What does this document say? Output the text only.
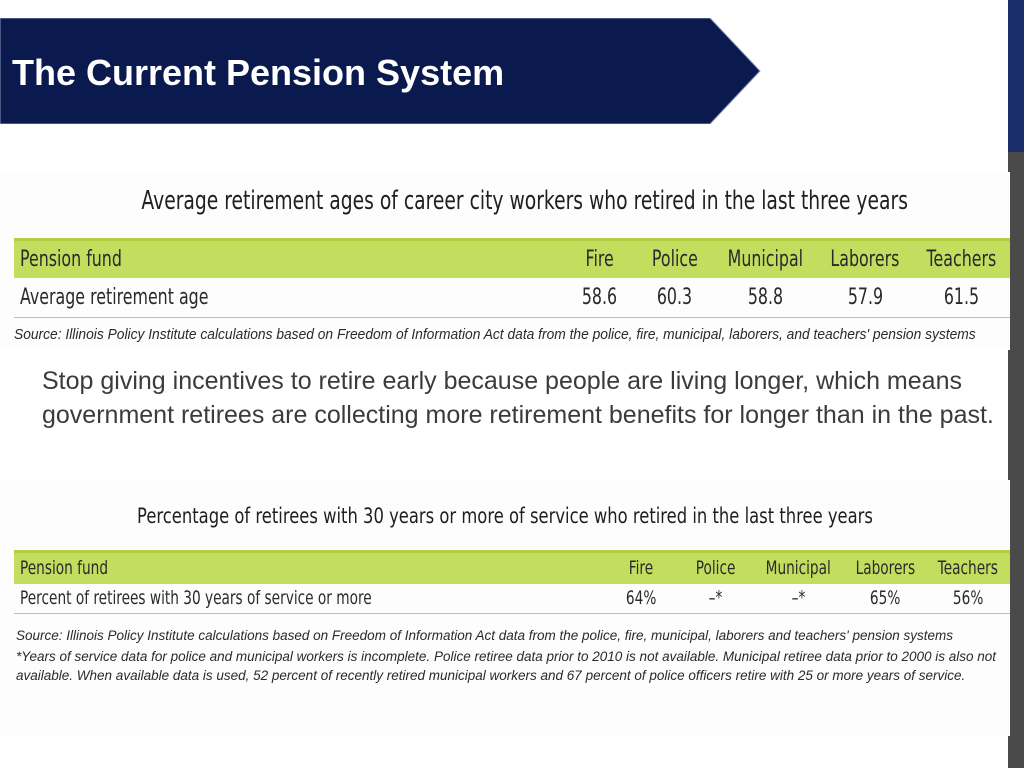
The Current Pension System
Average retirement ages of career city workers who retired in the last three years
Pension fund	Fire	Police	Municipal	Laborers	Teachers
Average retirement age	58.6	60.3	58.8	57.9	61.5
Source: Illinois Policy Institute calculations based on Freedom of Information Act data from the police, fire, municipal, laborers, and teachers' pension systems

Stop giving incentives to retire early because people are living longer, which means government retirees are collecting more retirement benefits for longer than in the past.

Percentage of retirees with 30 years or more of service who retired in the last three years
Pension fund	Fire	Police	Municipal	Laborers	Teachers
Percent of retirees with 30 years of service or more	64%	–*	–*	65%	56%

Source: Illinois Policy Institute calculations based on Freedom of Information Act data from the police, fire, municipal, laborers and teachers' pension systems

*Years of service data for police and municipal workers is incomplete. Police retiree data prior to 2010 is not available. Municipal retiree data prior to 2000 is also not available. When available data is used, 52 percent of recently retired municipal workers and 67 percent of police officers retire with 25 or more years of service.
